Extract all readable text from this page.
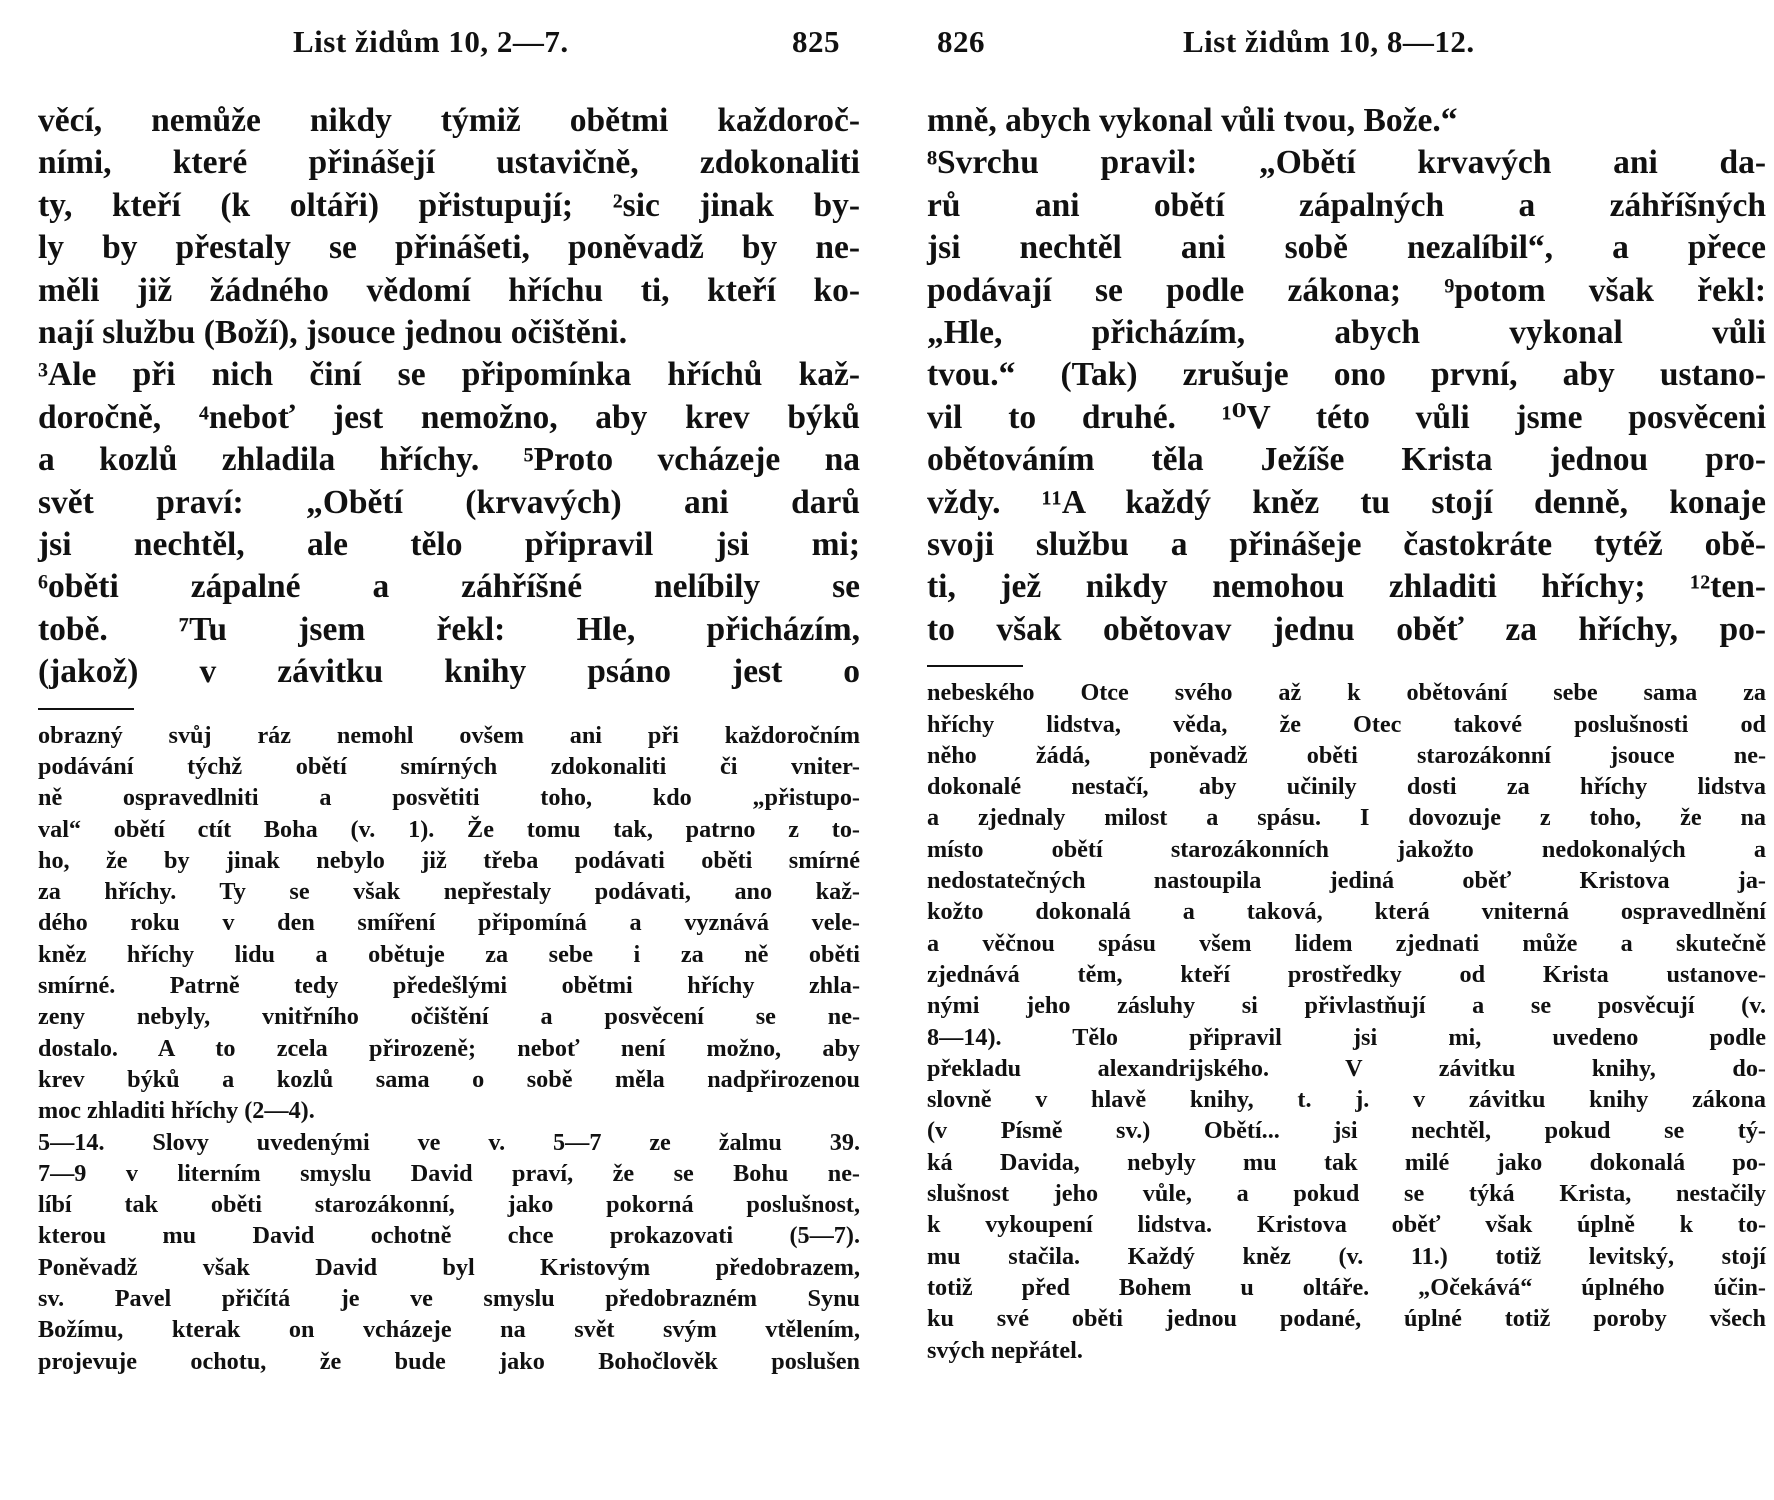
List židům 10, 2—7.	825
věcí, nemůže nikdy týmiž obětmi každoroč-
ními, které přinášejí ustavičně, zdokonaliti
ty, kteří (k oltáři) přistupují; ²sic jinak by-
ly by přestaly se přinášeti, poněvadž by ne-
měli již žádného vědomí hříchu ti, kteří ko-
nají službu (Boží), jsouce jednou očištěni.
³Ale při nich činí se připomínka hříchů kaž-
doročně, ⁴neboť jest nemožno, aby krev býků
a kozlů zhladila hříchy. ⁵Proto vcházeje na
svět praví: „Obětí (krvavých) ani darů
jsi nechtěl, ale tělo připravil jsi mi;
⁶oběti zápalné a záhříšné nelíbily se
tobě. ⁷Tu jsem řekl: Hle, přicházím,
(jakož) v závitku knihy psáno jest o
obrazný svůj ráz nemohl ovšem ani při každoročním
podávání týchž obětí smírných zdokonaliti či vniter-
ně ospravedlniti a posvětiti toho, kdo „přistupo-
val“ obětí ctít Boha (v. 1). Že tomu tak, patrno z to-
ho, že by jinak nebylo již třeba podávati oběti smírné
za hříchy. Ty se však nepřestaly podávati, ano kaž-
dého roku v den smíření připomíná a vyznává vele-
kněz hříchy lidu a obětuje za sebe i za ně oběti
smírné. Patrně tedy předešlými obětmi hříchy zhla-
zeny nebyly, vnitřního očištění a posvěcení se ne-
dostalo. A to zcela přirozeně; neboť není možno, aby
krev býků a kozlů sama o sobě měla nadpřirozenou
moc zhladiti hříchy (2—4).
5—14. Slovy uvedenými ve v. 5—7 ze žalmu 39.
7—9 v literním smyslu David praví, že se Bohu ne-
líbí tak oběti starozákonní, jako pokorná poslušnost,
kterou mu David ochotně chce prokazovati (5—7).
Poněvadž však David byl Kristovým předobrazem,
sv. Pavel přičítá je ve smyslu předobrazném Synu
Božímu, kterak on vcházeje na svět svým vtělením,
projevuje ochotu, že bude jako Bohočlověk poslušen
826	List židům 10, 8—12.
mně, abych vykonal vůli tvou, Bože.“
⁸Svrchu pravil: „Obětí krvavých ani da-
rů ani obětí zápalných a záhříšných
jsi nechtěl ani sobě nezalíbil“, a přece
podávají se podle zákona; ⁹potom však řekl:
„Hle, přicházím, abych vykonal vůli
tvou.“ (Tak) zrušuje ono první, aby ustano-
vil to druhé. ¹⁰V této vůli jsme posvěceni
obětováním těla Ježíše Krista jednou pro-
vždy. ¹¹A každý kněz tu stojí denně, konaje
svoji službu a přinášeje častokráte tytéž obě-
ti, jež nikdy nemohou zhladiti hříchy; ¹²ten-
to však obětovav jednu oběť za hříchy, po-
nebeského Otce svého až k obětování sebe sama za
hříchy lidstva, věda, že Otec takové poslušnosti od
něho žádá, poněvadž oběti starozákonní jsouce ne-
dokonalé nestačí, aby učinily dosti za hříchy lidstva
a zjednaly milost a spásu. I dovozuje z toho, že na
místo obětí starozákonních jakožto nedokonalých a
nedostatečných nastoupila jediná oběť Kristova ja-
kožto dokonalá a taková, která vniterná ospravedlnění
a věčnou spásu všem lidem zjednati může a skutečně
zjednává těm, kteří prostředky od Krista ustanove-
nými jeho zásluhy si přivlastňují a se posvěcují (v.
8—14). Tělo připravil jsi mi, uvedeno podle
překladu alexandrijského. V závitku knihy, do-
slovně v hlavě knihy, t. j. v závitku knihy zákona
(v Písmě sv.) Obětí... jsi nechtěl, pokud se tý-
ká Davida, nebyly mu tak milé jako dokonalá po-
slušnost jeho vůle, a pokud se týká Krista, nestačily
k vykoupení lidstva. Kristova oběť však úplně k to-
mu stačila. Každý kněz (v. 11.) totiž levitský, stojí
totiž před Bohem u oltáře. „Očekává“ úplného účin-
ku své oběti jednou podané, úplné totiž poroby všech
svých nepřátel.
